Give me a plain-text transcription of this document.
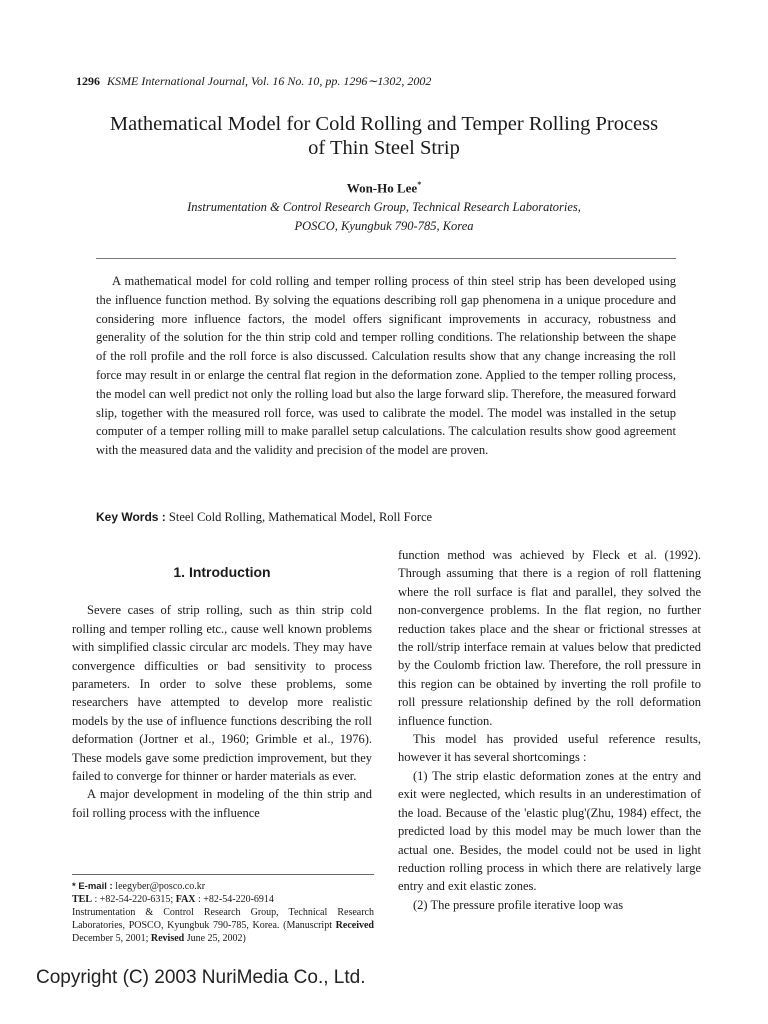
1296 KSME International Journal, Vol. 16 No. 10, pp. 1296∼1302, 2002
Mathematical Model for Cold Rolling and Temper Rolling Process
of Thin Steel Strip
Won-Ho Lee*
Instrumentation & Control Research Group, Technical Research Laboratories,
POSCO, Kyungbuk 790-785, Korea

A mathematical model for cold rolling and temper rolling process of thin steel strip has been developed using the influence function method. By solving the equations describing roll gap phenomena in a unique procedure and considering more influence factors, the model offers significant improvements in accuracy, robustness and generality of the solution for the thin strip cold and temper rolling conditions. The relationship between the shape of the roll profile and the roll force is also discussed. Calculation results show that any change increasing the roll force may result in or enlarge the central flat region in the deformation zone. Applied to the temper rolling process, the model can well predict not only the rolling load but also the large forward slip. Therefore, the measured forward slip, together with the measured roll force, was used to calibrate the model. The model was installed in the setup computer of a temper rolling mill to make parallel setup calculations. The calculation results show good agreement with the measured data and the validity and precision of the model are proven.

Key Words : Steel Cold Rolling, Mathematical Model, Roll Force
1. Introduction

Severe cases of strip rolling, such as thin strip cold rolling and temper rolling etc., cause well known problems with simplified classic circular arc models. They may have convergence difficulties or bad sensitivity to process parameters. In order to solve these problems, some researchers have attempted to develop more realistic models by the use of influence functions describing the roll deformation (Jortner et al., 1960; Grimble et al., 1976). These models gave some prediction improvement, but they failed to converge for thinner or harder materials as ever.

A major development in modeling of the thin strip and foil rolling process with the influence

function method was achieved by Fleck et al. (1992). Through assuming that there is a region of roll flattening where the roll surface is flat and parallel, they solved the non-convergence problems. In the flat region, no further reduction takes place and the shear or frictional stresses at the roll/strip interface remain at values below that predicted by the Coulomb friction law. Therefore, the roll pressure in this region can be obtained by inverting the roll profile to roll pressure relationship defined by the roll deformation influence function.

This model has provided useful reference results, however it has several shortcomings :

(1) The strip elastic deformation zones at the entry and exit were neglected, which results in an underestimation of the load. Because of the 'elastic plug'(Zhu, 1984) effect, the predicted load by this model may be much lower than the actual one. Besides, the model could not be used in light reduction rolling process in which there are relatively large entry and exit elastic zones.

(2) The pressure profile iterative loop was

* E-mail : leegyber@posco.co.kr
TEL : +82-54-220-6315; FAX : +82-54-220-6914
Instrumentation & Control Research Group, Technical Research Laboratories, POSCO, Kyungbuk 790-785, Korea. (Manuscript Received December 5, 2001; Revised June 25, 2002)
Copyright (C) 2003 NuriMedia Co., Ltd.
